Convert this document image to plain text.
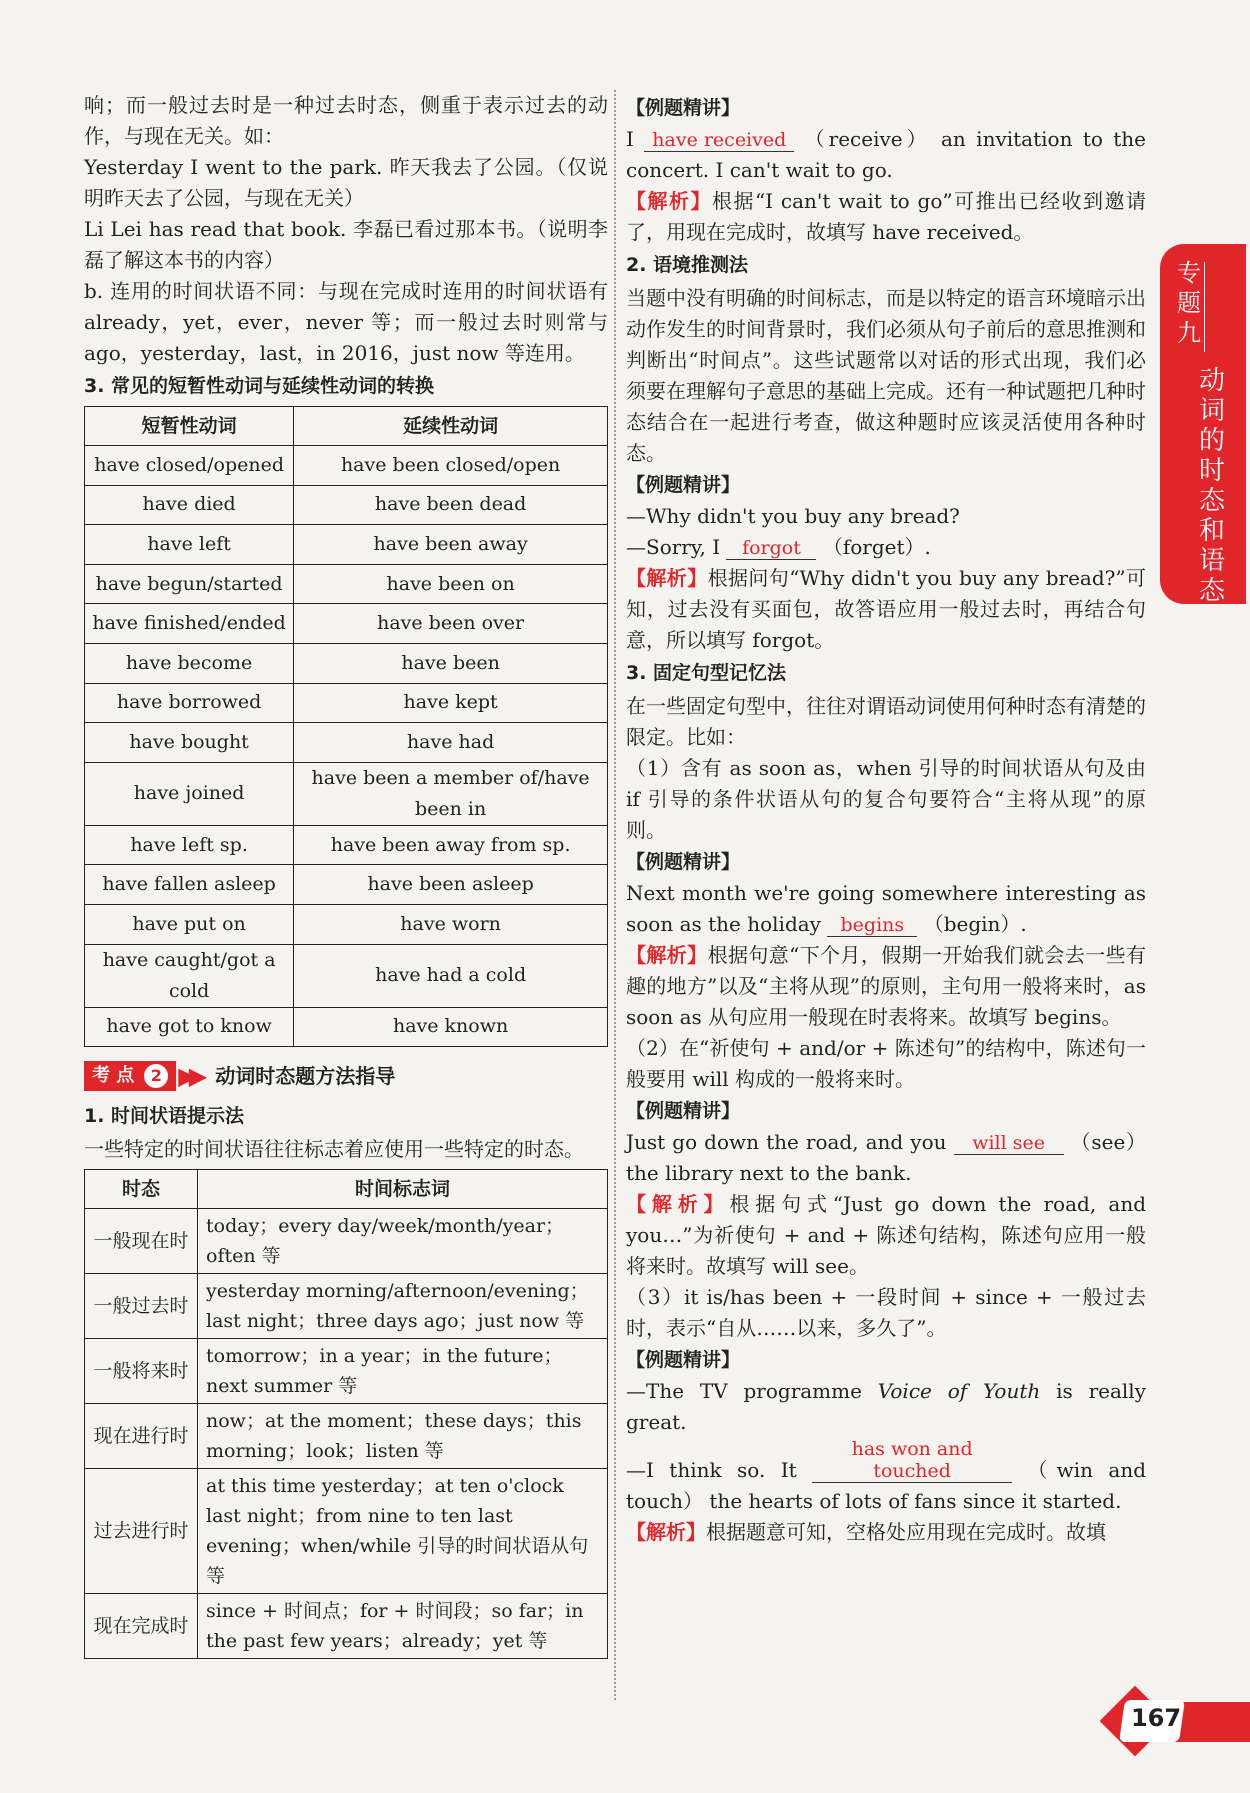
响；而一般过去时是一种过去时态，侧重于表示过去的动作，与现在无关。如：

Yesterday I went to the park. 昨天我去了公园。（仅说明昨天去了公园，与现在无关）

Li Lei has read that book. 李磊已看过那本书。（说明李磊了解这本书的内容）

b. 连用的时间状语不同：与现在完成时连用的时间状语有 already，yet，ever，never 等；而一般过去时则常与 ago，yesterday，last，in 2016，just now 等连用。

3. 常见的短暂性动词与延续性动词的转换

短暂性动词	延续性动词
have closed/opened	have been closed/open
have died	have been dead
have left	have been away
have begun/started	have been on
have finished/ended	have been over
have become	have been
have borrowed	have kept
have bought	have had
have joined	have been a member of/have been in
have left sp.	have been away from sp.
have fallen asleep	have been asleep
have put on	have worn
have caught/got a cold	have had a cold
have got to know	have known
考 点	2 ▶▶ 动词时态题方法指导

1. 时间状语提示法

一些特定的时间状语往往标志着应使用一些特定的时态。

时态	时间标志词
一般现在时	today；every day/week/month/year；often 等
一般过去时	yesterday morning/afternoon/evening；last night；three days ago；just now 等
一般将来时	tomorrow；in a year；in the future；next summer 等
现在进行时	now；at the moment；these days；this morning；look；listen 等
过去进行时	at this time yesterday；at ten o'clock last night；from nine to ten last evening；when/while 引导的时间状语从句等
现在完成时	since + 时间点；for + 时间段；so far；in the past few years；already；yet 等

【例题精讲】

I have received （receive） an invitation to the concert. I can't wait to go.

【解析】根据“I can't wait to go”可推出已经收到邀请了，用现在完成时，故填写 have received。

2. 语境推测法

当题中没有明确的时间标志，而是以特定的语言环境暗示出动作发生的时间背景时，我们必须从句子前后的意思推测和判断出“时间点”。这些试题常以对话的形式出现，我们必须要在理解句子意思的基础上完成。还有一种试题把几种时态结合在一起进行考查，做这种题时应该灵活使用各种时态。

【例题精讲】

—Why didn't you buy any bread?

—Sorry, I forgot （forget）.

【解析】根据问句“Why didn't you buy any bread?”可知，过去没有买面包，故答语应用一般过去时，再结合句意，所以填写 forgot。

3. 固定句型记忆法

在一些固定句型中，往往对谓语动词使用何种时态有清楚的限定。比如：

（1）含有 as soon as，when 引导的时间状语从句及由 if 引导的条件状语从句的复合句要符合“主将从现”的原则。

【例题精讲】

Next month we're going somewhere interesting as soon as the holiday begins （begin）.

【解析】根据句意“下个月，假期一开始我们就会去一些有趣的地方”以及“主将从现”的原则，主句用一般将来时，as soon as 从句应用一般现在时表将来。故填写 begins。

（2）在“祈使句 + and/or + 陈述句”的结构中，陈述句一般要用 will 构成的一般将来时。

【例题精讲】

Just go down the road, and you will see （see） the library next to the bank.

【解析】根据句式“Just go down the road, and you…”为祈使句 + and + 陈述句结构，陈述句应用一般将来时。故填写 will see。

（3）it is/has been + 一段时间 + since + 一般过去时，表示“自从……以来，多久了”。

【例题精讲】

—The TV programme Voice of Youth is really great.

—I think so. It has won and touched	（win and touch） the hearts of lots of fans since it started.

【解析】根据题意可知，空格处应用现在完成时。故填

专题九
动词的时态和语态
167
